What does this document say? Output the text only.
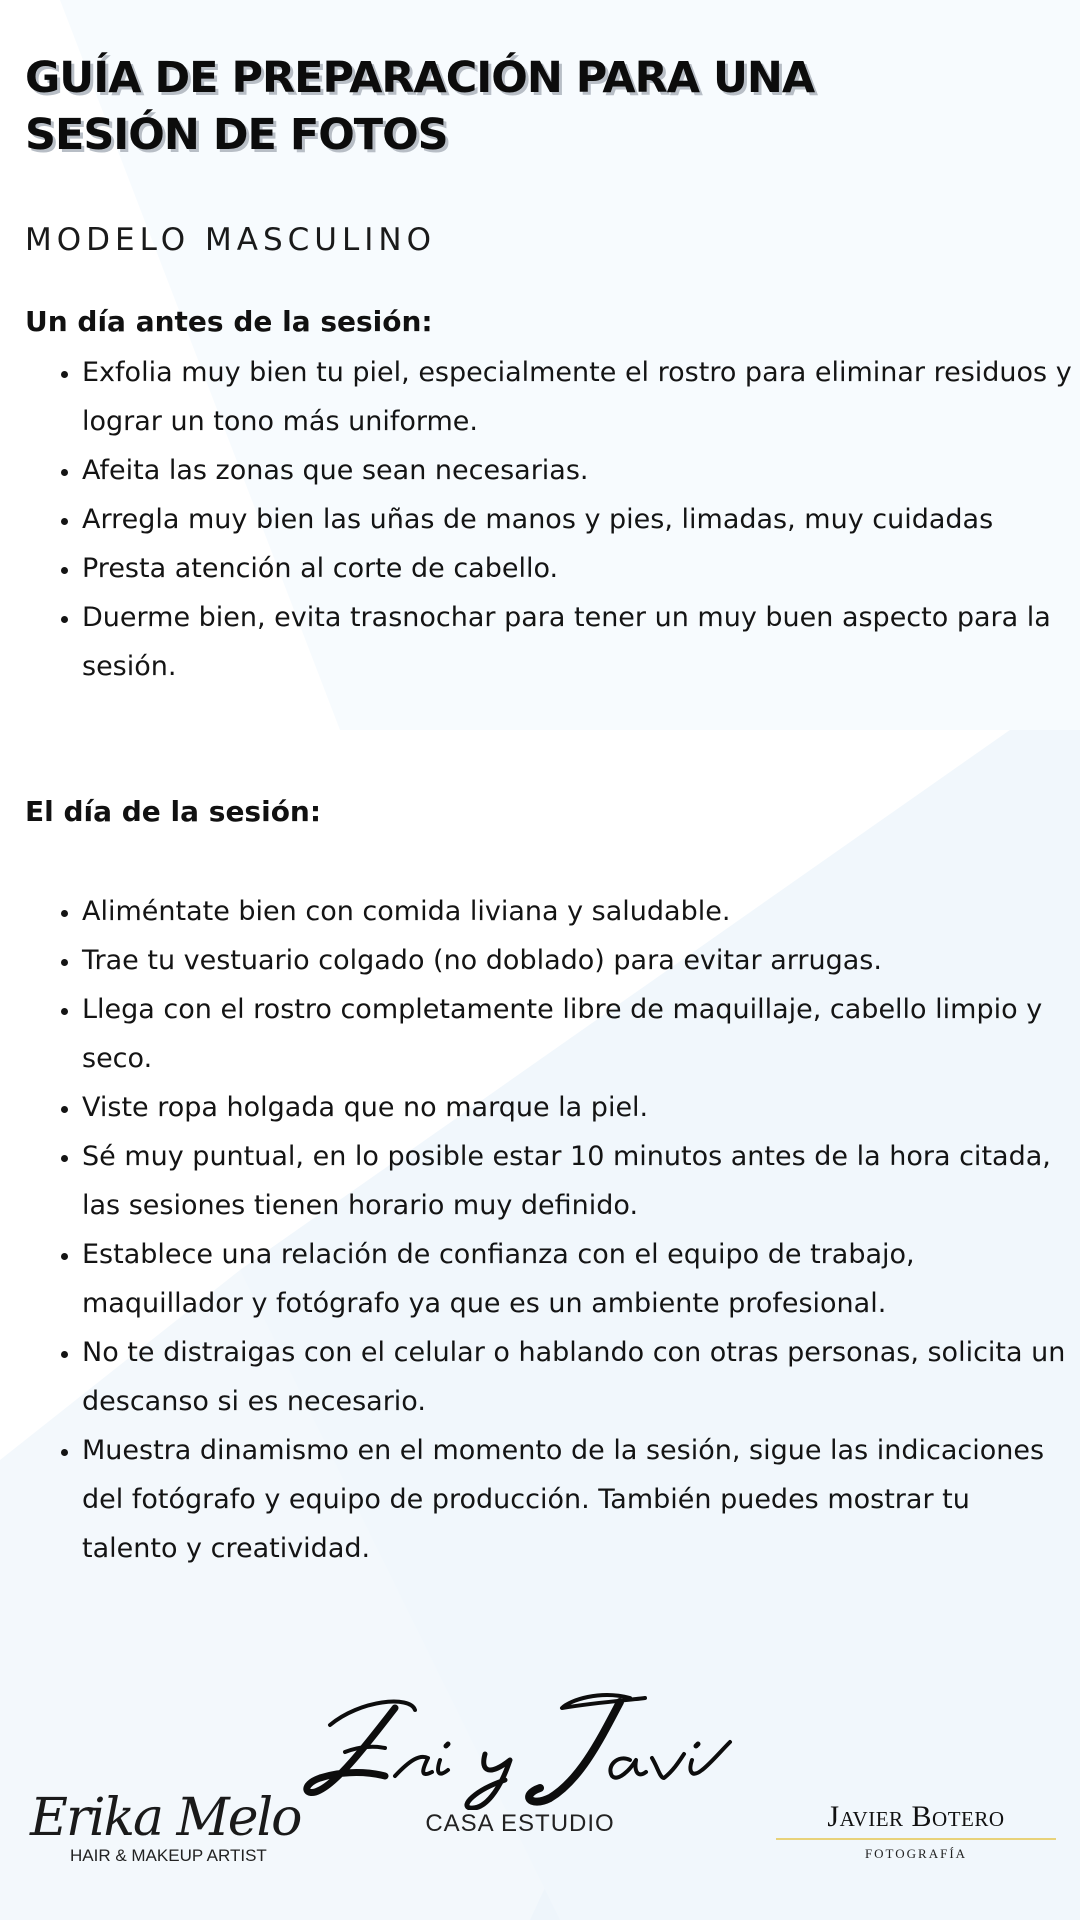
GUÍA DE PREPARACIÓN PARA UNA SESIÓN DE FOTOS
MODELO MASCULINO
Un día antes de la sesión:
• Exfolia muy bien tu piel, especialmente el rostro para eliminar residuos y lograr un tono más uniforme.
• Afeita las zonas que sean necesarias.
• Arregla muy bien las uñas de manos y pies, limadas, muy cuidadas
• Presta atención al corte de cabello.
• Duerme bien, evita trasnochar para tener un muy buen aspecto para la sesión.
El día de la sesión:
• Aliméntate bien con comida liviana y saludable.
• Trae tu vestuario colgado (no doblado) para evitar arrugas.
• Llega con el rostro completamente libre de maquillaje, cabello limpio y seco.
• Viste ropa holgada que no marque la piel.
• Sé muy puntual, en lo posible estar 10 minutos antes de la hora citada, las sesiones tienen horario muy definido.
• Establece una relación de confianza con el equipo de trabajo, maquillador y fotógrafo ya que es un ambiente profesional.
• No te distraigas con el celular o hablando con otras personas, solicita un descanso si es necesario.
• Muestra dinamismo en el momento de la sesión, sigue las indicaciones del fotógrafo y equipo de producción. También puedes mostrar tu talento y creatividad.
Erika Melo
HAIR & MAKEUP ARTIST
CASA ESTUDIO	Javier Botero
FOTOGRAFÍA
